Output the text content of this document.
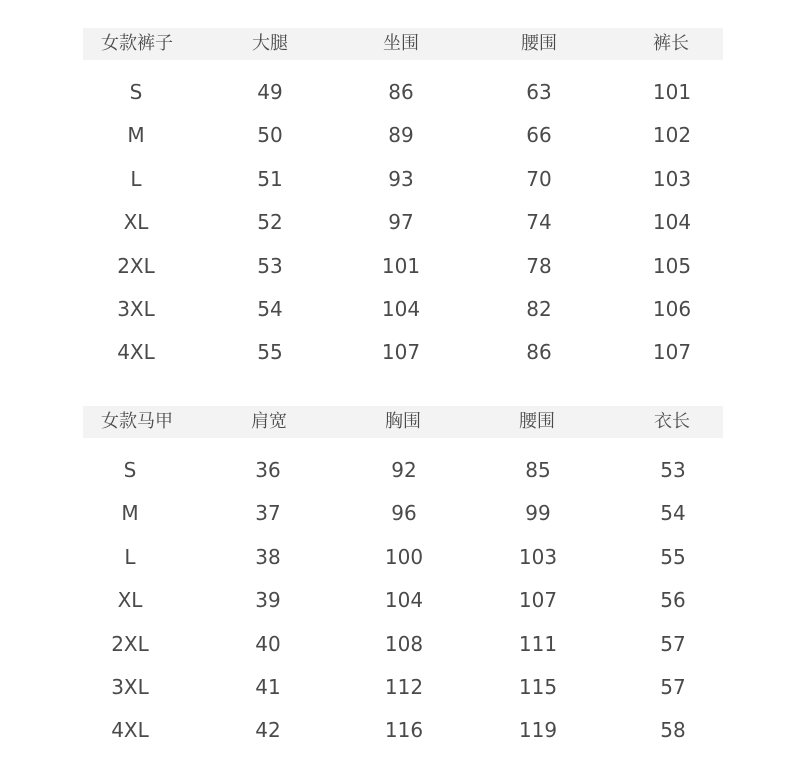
女款裤子	大腿	坐围	腰围	裤长
S	49	86	63	101
M	50	89	66	102
L	51	93	70	103
XL	52	97	74	104
2XL	53	101	78	105
3XL	54	104	82	106
4XL	55	107	86	107
女款马甲	肩宽	胸围	腰围	衣长
S	36	92	85	53
M	37	96	99	54
L	38	100	103	55
XL	39	104	107	56
2XL	40	108	111	57
3XL	41	112	115	57
4XL	42	116	119	58
